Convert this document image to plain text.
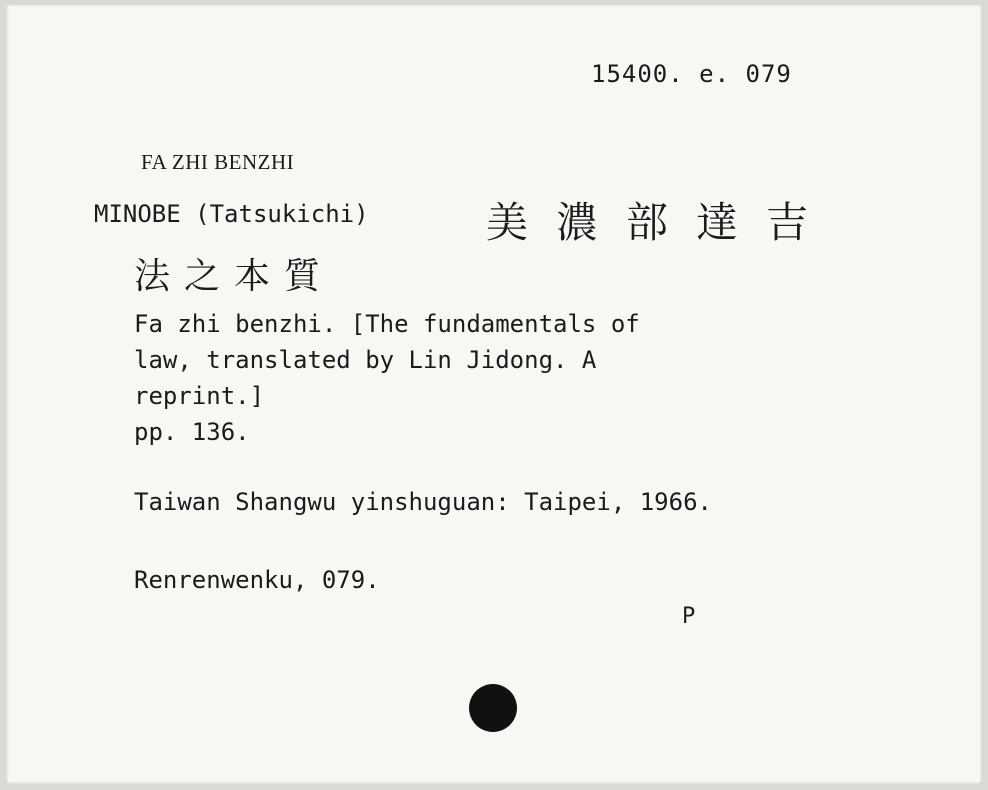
15400. e. 079
FA ZHI BENZHI
MINOBE (Tatsukichi)	美濃部達吉
法之本質
Fa zhi benzhi. [The fundamentals of
law, translated by Lin Jidong. A
reprint.]
pp. 136.
Taiwan Shangwu yinshuguan: Taipei, 1966.
Renrenwenku, 079.
P
